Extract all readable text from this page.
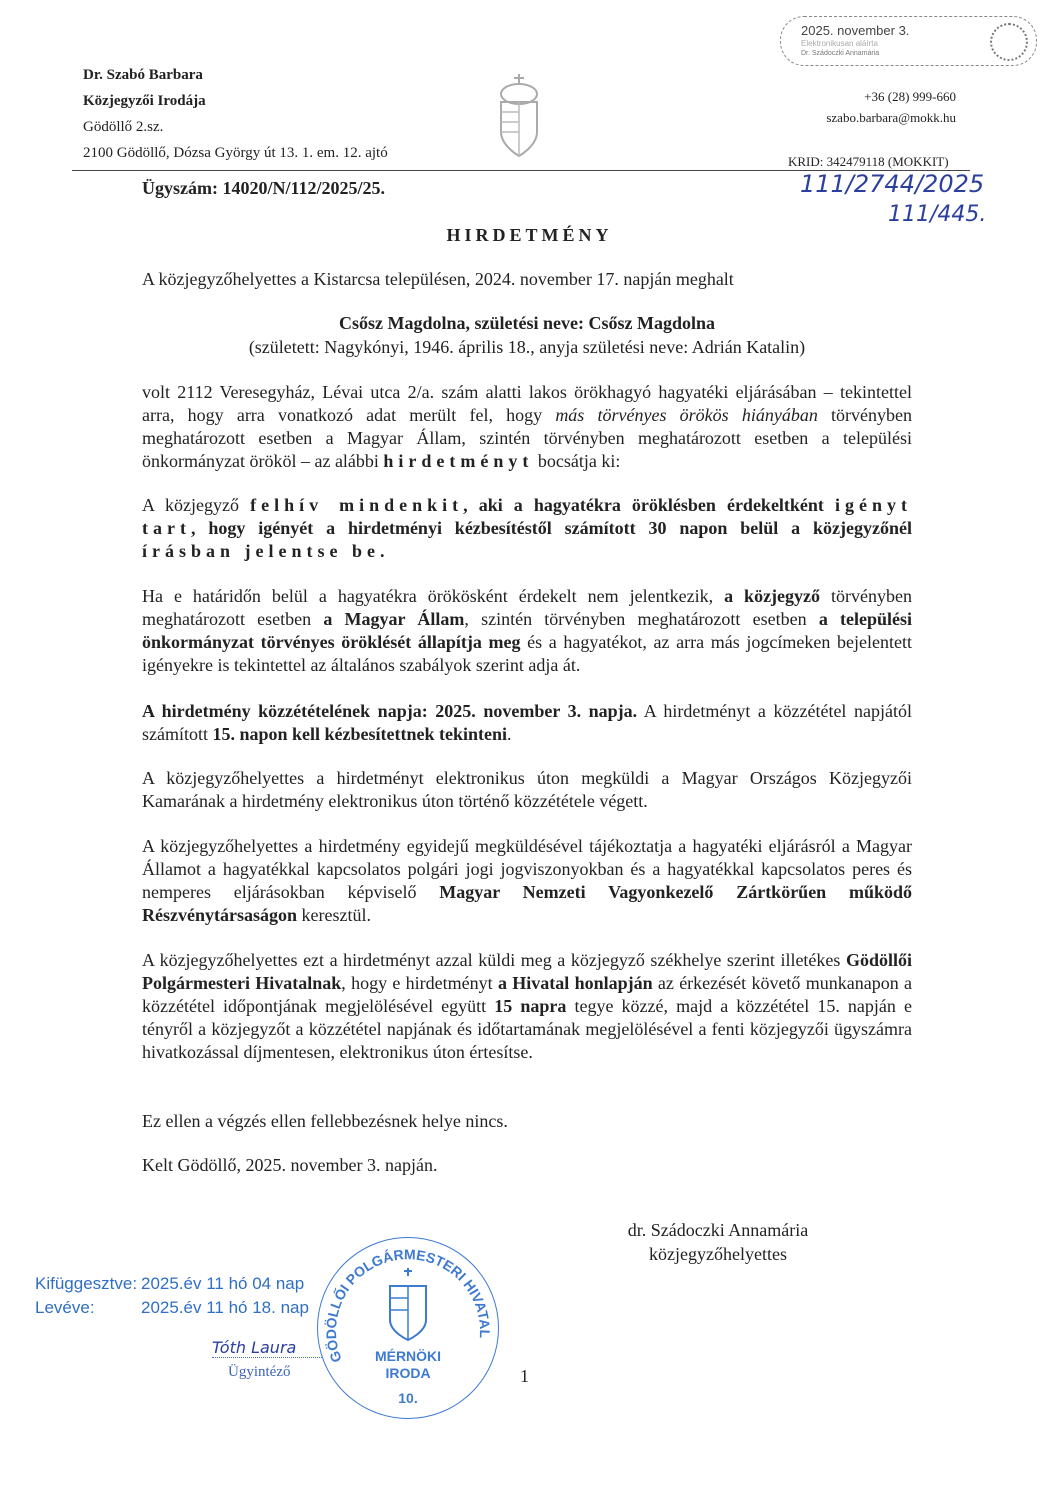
2025. november 3.
Elektronikusan aláírta
Dr. Szádoczki Annamária
Dr. Szabó Barbara
Közjegyzői Irodája
Gödöllő 2.sz.
2100 Gödöllő, Dózsa György út 13. 1. em. 12. ajtó
+36 (28) 999-660
szabo.barbara@mokk.hu
KRID: 342479118 (MOKKIT)
111/2744/2025
111/445.
Ügyszám: 14020/N/112/2025/25.
HIRDETMÉNY
A közjegyzőhelyettes a Kistarcsa településen, 2024. november 17. napján meghalt
Csősz Magdolna, születési neve: Csősz Magdolna
(született: Nagykónyi, 1946. április 18., anyja születési neve: Adrián Katalin)
volt 2112 Veresegyház, Lévai utca 2/a. szám alatti lakos örökhagyó hagyatéki eljárásában – tekintettel arra, hogy arra vonatkozó adat merült fel, hogy más törvényes örökös hiányában törvényben meghatározott esetben a Magyar Állam, szintén törvényben meghatározott esetben a települési önkormányzat örököl – az alábbi hirdetményt bocsátja ki:
A közjegyző felhív mindenkit, aki a hagyatékra öröklésben érdekeltként igényt tart, hogy igényét a hirdetményi kézbesítéstől számított 30 napon belül a közjegyzőnél írásban jelentse be.
Ha e határidőn belül a hagyatékra örökösként érdekelt nem jelentkezik, a közjegyző törvényben meghatározott esetben a Magyar Állam, szintén törvényben meghatározott esetben a települési önkormányzat törvényes öröklését állapítja meg és a hagyatékot, az arra más jogcímeken bejelentett igényekre is tekintettel az általános szabályok szerint adja át.
A hirdetmény közzétételének napja: 2025. november 3. napja. A hirdetményt a közzététel napjától számított 15. napon kell kézbesítettnek tekinteni.
A közjegyzőhelyettes a hirdetményt elektronikus úton megküldi a Magyar Országos Közjegyzői Kamarának a hirdetmény elektronikus úton történő közzététele végett.
A közjegyzőhelyettes a hirdetmény egyidejű megküldésével tájékoztatja a hagyatéki eljárásról a Magyar Államot a hagyatékkal kapcsolatos polgári jogi jogviszonyokban és a hagyatékkal kapcsolatos peres és nemperes eljárásokban képviselő Magyar Nemzeti Vagyonkezelő Zártkörűen működő Részvénytársaságon keresztül.
A közjegyzőhelyettes ezt a hirdetményt azzal küldi meg a közjegyző székhelye szerint illetékes Gödöllői Polgármesteri Hivatalnak, hogy e hirdetményt a Hivatal honlapján az érkezését követő munkanapon a közzététel időpontjának megjelölésével együtt 15 napra tegye közzé, majd a közzététel 15. napján e tényről a közjegyzőt a közzététel napjának és időtartamának megjelölésével a fenti közjegyzői ügyszámra hivatkozással díjmentesen, elektronikus úton értesítse.
Ez ellen a végzés ellen fellebbezésnek helye nincs.
Kelt Gödöllő, 2025. november 3. napján.
dr. Szádoczki Annamária
közjegyzőhelyettes
Kifüggesztve: 2025.év 11 hó 04 nap
Levéve:	2025.év 11 hó 18. nap
Tóth Laura
Ügyintéző
GÖDÖLLŐI POLGÁRMESTERI HIVATAL
MÉRNÖKI
IRODA
10.
1
